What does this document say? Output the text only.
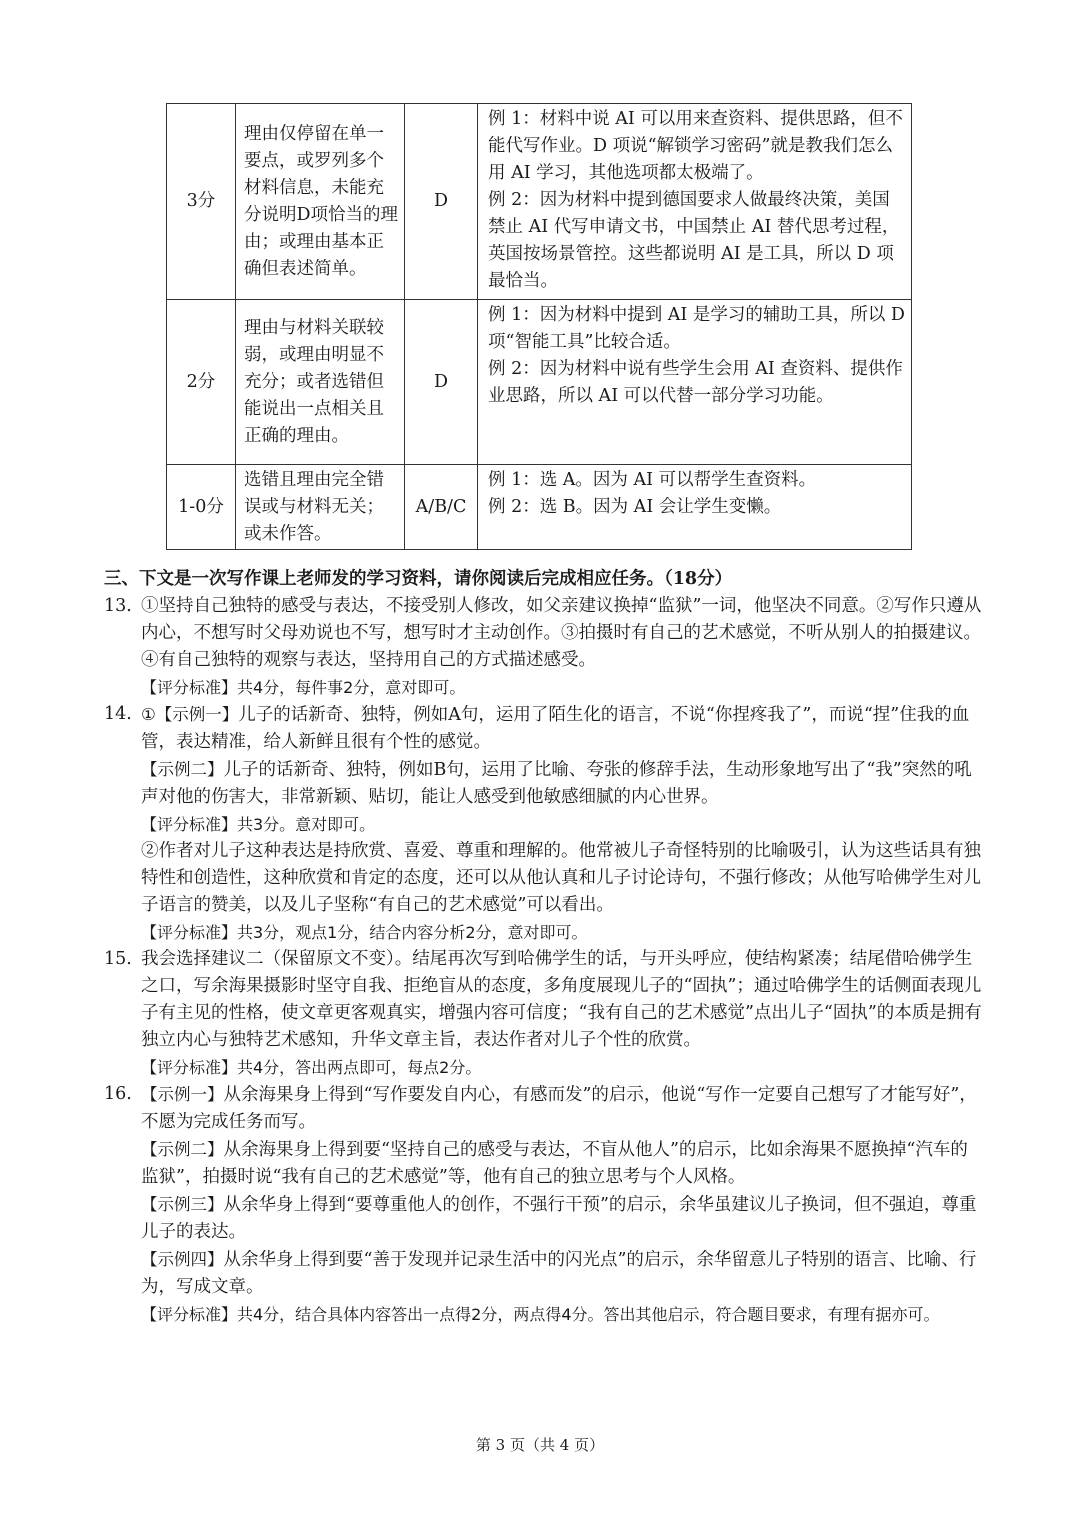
3分	理由仅停留在单一要点，或罗列多个材料信息，未能充分说明D项恰当的理由；或理由基本正确但表述简单。	D	例 1：材料中说 AI 可以用来查资料、提供思路，但不能代写作业。D 项说“解锁学习密码”就是教我们怎么用 AI 学习，其他选项都太极端了。
例 2：因为材料中提到德国要求人做最终决策，美国禁止 AI 代写申请文书，中国禁止 AI 替代思考过程，英国按场景管控。这些都说明 AI 是工具，所以 D 项最恰当。

2分	理由与材料关联较弱，或理由明显不充分；或者选错但能说出一点相关且正确的理由。	D	例 1：因为材料中提到 AI 是学习的辅助工具，所以 D 项“智能工具”比较合适。
例 2：因为材料中说有些学生会用 AI 查资料、提供作业思路，所以 AI 可以代替一部分学习功能。

1-0分	选错且理由完全错误或与材料无关；或未作答。	A/B/C	例 1：选 A。因为 AI 可以帮学生查资料。
例 2：选 B。因为 AI 会让学生变懒。
三、下文是一次写作课上老师发的学习资料，请你阅读后完成相应任务。（18分）
13. ①坚持自己独特的感受与表达，不接受别人修改，如父亲建议换掉“监狱”一词，他坚决不同意。②写作只遵从内心，不想写时父母劝说也不写，想写时才主动创作。③拍摄时有自己的艺术感觉，不听从别人的拍摄建议。④有自己独特的观察与表达，坚持用自己的方式描述感受。
【评分标准】共4分，每件事2分，意对即可。
14. ①【示例一】儿子的话新奇、独特，例如A句，运用了陌生化的语言，不说“你捏疼我了”，而说“捏”住我的血管，表达精准，给人新鲜且很有个性的感觉。
【示例二】儿子的话新奇、独特，例如B句，运用了比喻、夸张的修辞手法，生动形象地写出了“我”突然的吼声对他的伤害大，非常新颖、贴切，能让人感受到他敏感细腻的内心世界。
【评分标准】共3分。意对即可。
②作者对儿子这种表达是持欣赏、喜爱、尊重和理解的。他常被儿子奇怪特别的比喻吸引，认为这些话具有独特性和创造性，这种欣赏和肯定的态度，还可以从他认真和儿子讨论诗句，不强行修改；从他写哈佛学生对儿子语言的赞美，以及儿子坚称“有自己的艺术感觉”可以看出。
【评分标准】共3分，观点1分，结合内容分析2分，意对即可。
15. 我会选择建议二（保留原文不变）。结尾再次写到哈佛学生的话，与开头呼应，使结构紧凑；结尾借哈佛学生之口，写余海果摄影时坚守自我、拒绝盲从的态度，多角度展现儿子的“固执”；通过哈佛学生的话侧面表现儿子有主见的性格，使文章更客观真实，增强内容可信度；“我有自己的艺术感觉”点出儿子“固执”的本质是拥有独立内心与独特艺术感知，升华文章主旨，表达作者对儿子个性的欣赏。
【评分标准】共4分，答出两点即可，每点2分。
16. 【示例一】从余海果身上得到“写作要发自内心，有感而发”的启示，他说“写作一定要自己想写了才能写好”，不愿为完成任务而写。
【示例二】从余海果身上得到要“坚持自己的感受与表达，不盲从他人”的启示，比如余海果不愿换掉“汽车的监狱”，拍摄时说“我有自己的艺术感觉”等，他有自己的独立思考与个人风格。
【示例三】从余华身上得到“要尊重他人的创作，不强行干预”的启示，余华虽建议儿子换词，但不强迫，尊重儿子的表达。
【示例四】从余华身上得到要“善于发现并记录生活中的闪光点”的启示，余华留意儿子特别的语言、比喻、行为，写成文章。
【评分标准】共4分，结合具体内容答出一点得2分，两点得4分。答出其他启示，符合题目要求，有理有据亦可。
第 3 页（共 4 页）
